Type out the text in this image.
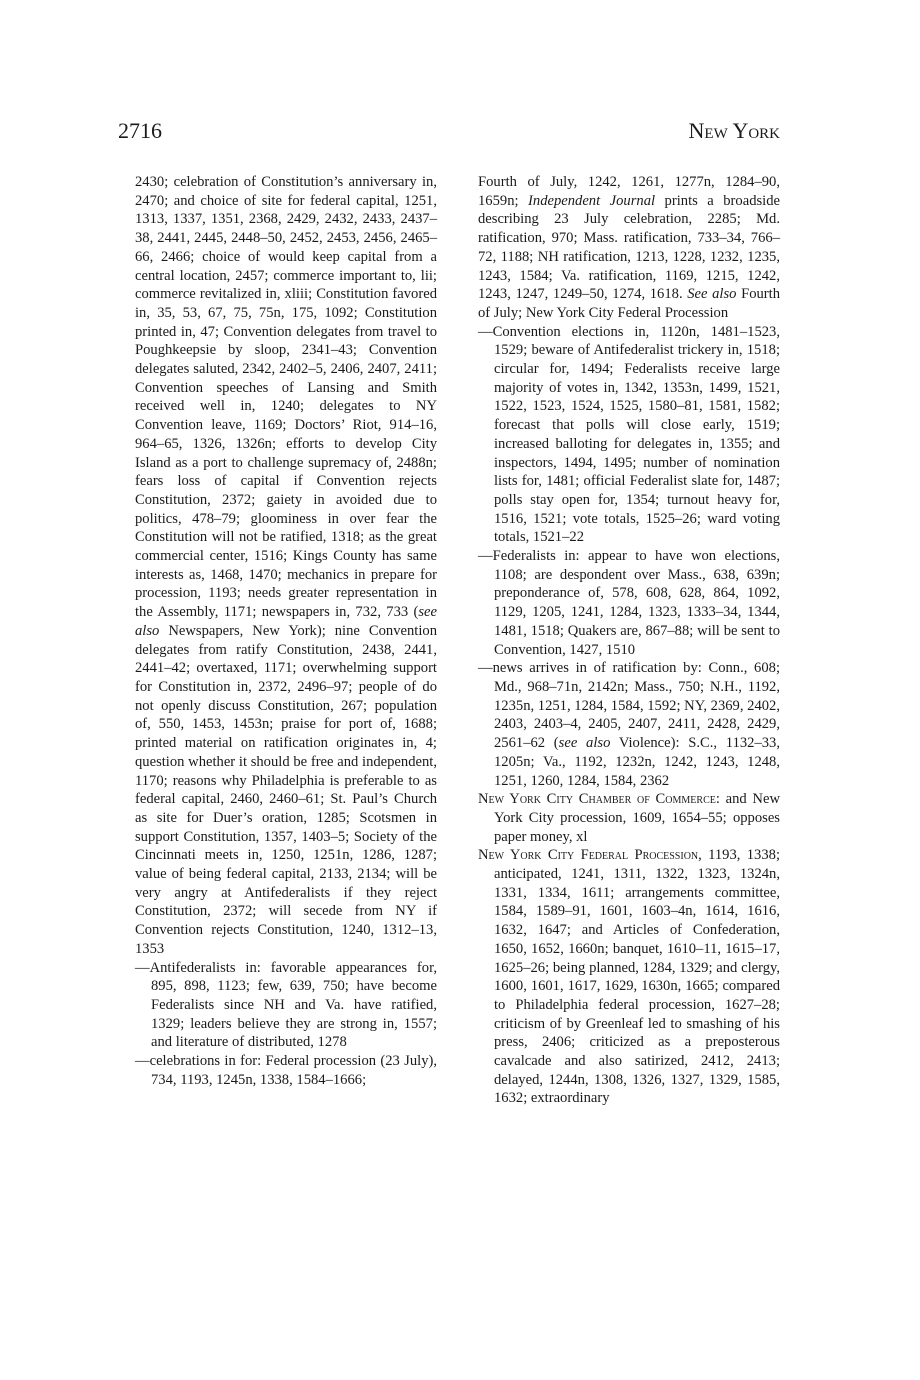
2716	New York

2430; celebration of Constitution’s anniversary in, 2470; and choice of site for federal capital, 1251, 1313, 1337, 1351, 2368, 2429, 2432, 2433, 2437–38, 2441, 2445, 2448–50, 2452, 2453, 2456, 2465–66, 2466; choice of would keep capital from a central location, 2457; commerce important to, lii; commerce revitalized in, xliii; Constitution favored in, 35, 53, 67, 75, 75n, 175, 1092; Constitution printed in, 47; Convention delegates from travel to Poughkeepsie by sloop, 2341–43; Convention delegates saluted, 2342, 2402–5, 2406, 2407, 2411; Convention speeches of Lansing and Smith received well in, 1240; delegates to NY Convention leave, 1169; Doctors’ Riot, 914–16, 964–65, 1326, 1326n; efforts to develop City Island as a port to challenge supremacy of, 2488n; fears loss of capital if Convention rejects Constitution, 2372; gaiety in avoided due to politics, 478–79; gloominess in over fear the Constitution will not be ratified, 1318; as the great commercial center, 1516; Kings County has same interests as, 1468, 1470; mechanics in prepare for procession, 1193; needs greater representation in the Assembly, 1171; newspapers in, 732, 733 (see also Newspapers, New York); nine Convention delegates from ratify Constitution, 2438, 2441, 2441–42; overtaxed, 1171; overwhelming support for Constitution in, 2372, 2496–97; people of do not openly discuss Constitution, 267; population of, 550, 1453, 1453n; praise for port of, 1688; printed material on ratification originates in, 4; question whether it should be free and independent, 1170; reasons why Philadelphia is preferable to as federal capital, 2460, 2460–61; St. Paul’s Church as site for Duer’s oration, 1285; Scotsmen in support Constitution, 1357, 1403–5; Society of the Cincinnati meets in, 1250, 1251n, 1286, 1287; value of being federal capital, 2133, 2134; will be very angry at Antifederalists if they reject Constitution, 2372; will secede from NY if Convention rejects Constitution, 1240, 1312–13, 1353

—Antifederalists in: favorable appearances for, 895, 898, 1123; few, 639, 750; have become Federalists since NH and Va. have ratified, 1329; leaders believe they are strong in, 1557; and literature of distributed, 1278

—celebrations in for: Federal procession (23 July), 734, 1193, 1245n, 1338, 1584–1666;

Fourth of July, 1242, 1261, 1277n, 1284–90, 1659n; Independent Journal prints a broadside describing 23 July celebration, 2285; Md. ratification, 970; Mass. ratification, 733–34, 766–72, 1188; NH ratification, 1213, 1228, 1232, 1235, 1243, 1584; Va. ratification, 1169, 1215, 1242, 1243, 1247, 1249–50, 1274, 1618. See also Fourth of July; New York City Federal Procession

—Convention elections in, 1120n, 1481–1523, 1529; beware of Antifederalist trickery in, 1518; circular for, 1494; Federalists receive large majority of votes in, 1342, 1353n, 1499, 1521, 1522, 1523, 1524, 1525, 1580–81, 1581, 1582; forecast that polls will close early, 1519; increased balloting for delegates in, 1355; and inspectors, 1494, 1495; number of nomination lists for, 1481; official Federalist slate for, 1487; polls stay open for, 1354; turnout heavy for, 1516, 1521; vote totals, 1525–26; ward voting totals, 1521–22

—Federalists in: appear to have won elections, 1108; are despondent over Mass., 638, 639n; preponderance of, 578, 608, 628, 864, 1092, 1129, 1205, 1241, 1284, 1323, 1333–34, 1344, 1481, 1518; Quakers are, 867–88; will be sent to Convention, 1427, 1510

—news arrives in of ratification by: Conn., 608; Md., 968–71n, 2142n; Mass., 750; N.H., 1192, 1235n, 1251, 1284, 1584, 1592; NY, 2369, 2402, 2403, 2403–4, 2405, 2407, 2411, 2428, 2429, 2561–62 (see also Violence): S.C., 1132–33, 1205n; Va., 1192, 1232n, 1242, 1243, 1248, 1251, 1260, 1284, 1584, 2362

New York City Chamber of Commerce: and New York City procession, 1609, 1654–55; opposes paper money, xl

New York City Federal Procession, 1193, 1338; anticipated, 1241, 1311, 1322, 1323, 1324n, 1331, 1334, 1611; arrangements committee, 1584, 1589–91, 1601, 1603–4n, 1614, 1616, 1632, 1647; and Articles of Confederation, 1650, 1652, 1660n; banquet, 1610–11, 1615–17, 1625–26; being planned, 1284, 1329; and clergy, 1600, 1601, 1617, 1629, 1630n, 1665; compared to Philadelphia federal procession, 1627–28; criticism of by Greenleaf led to smashing of his press, 2406; criticized as a preposterous cavalcade and also satirized, 2412, 2413; delayed, 1244n, 1308, 1326, 1327, 1329, 1585, 1632; extraordinary
